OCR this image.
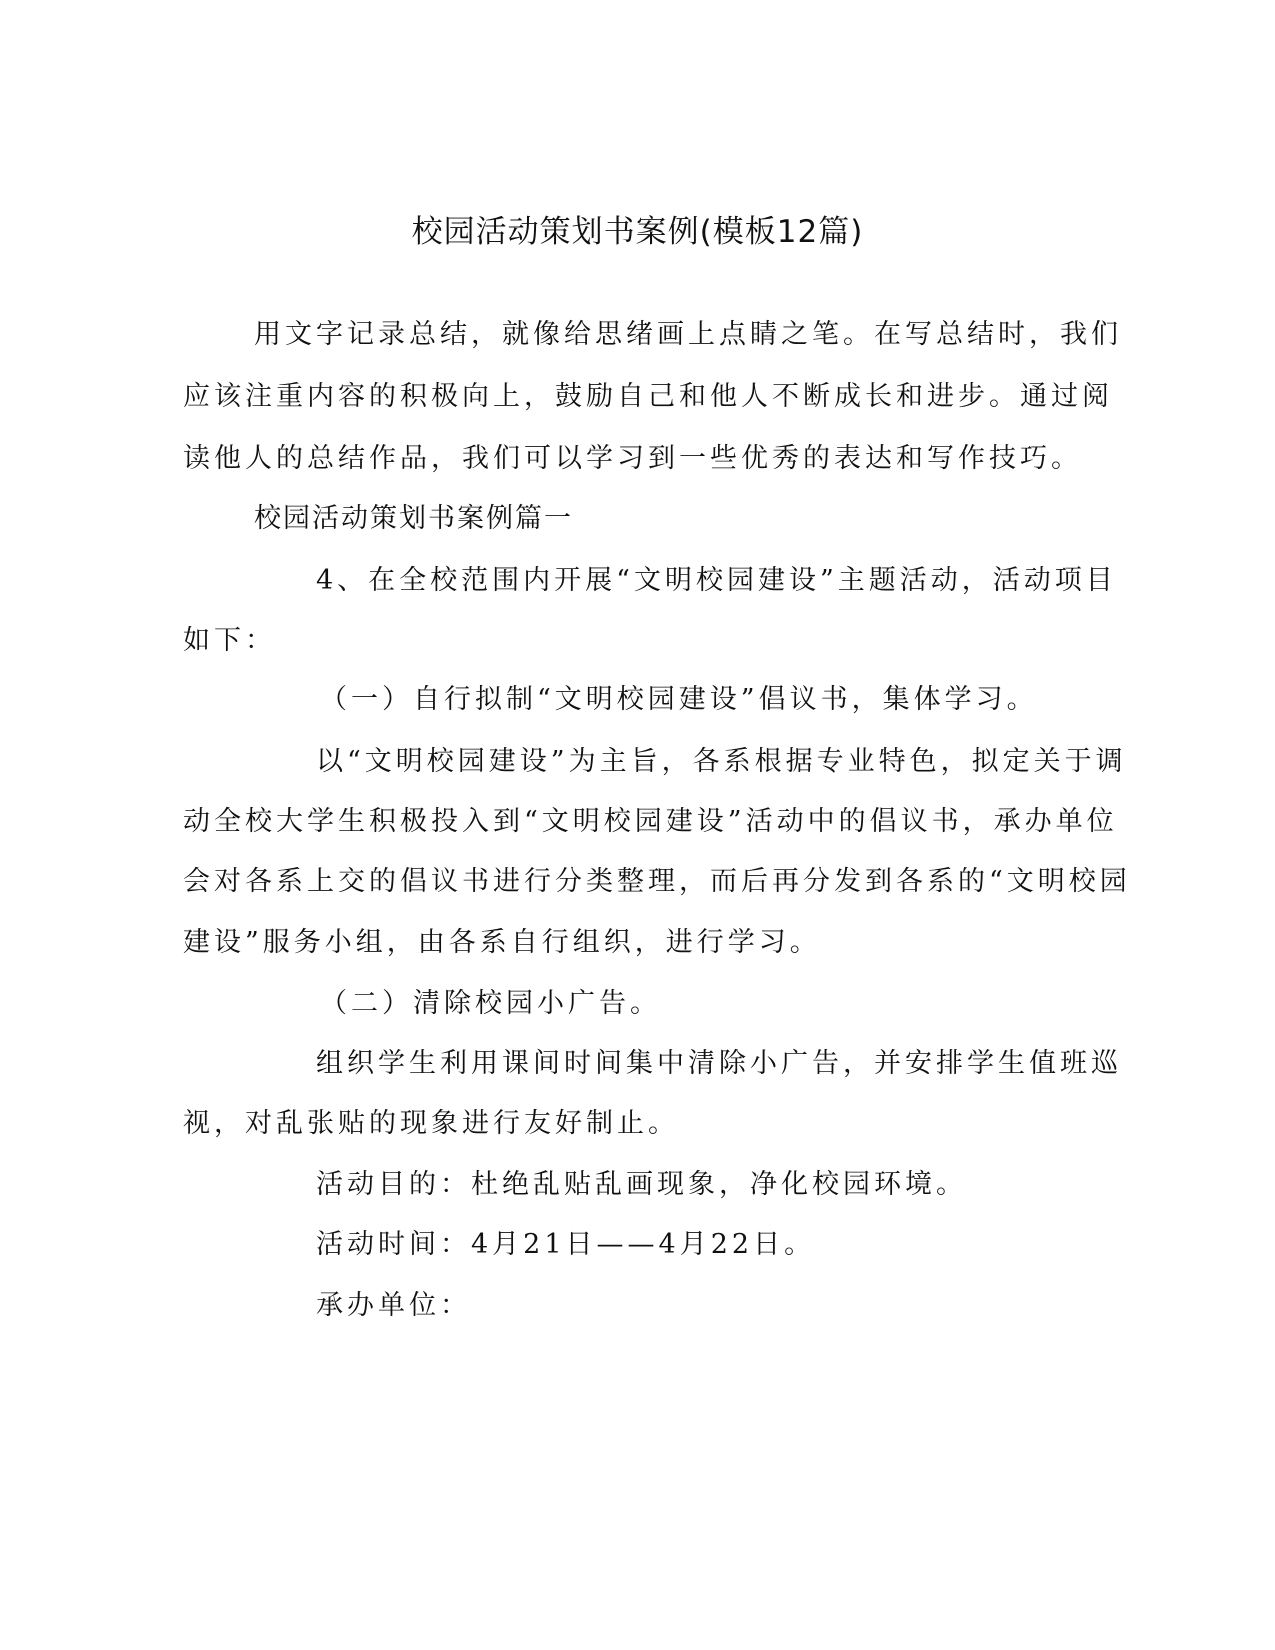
校园活动策划书案例(模板12篇)
用文字记录总结，就像给思绪画上点睛之笔。在写总结时，我们
应该注重内容的积极向上，鼓励自己和他人不断成长和进步。通过阅
读他人的总结作品，我们可以学习到一些优秀的表达和写作技巧。
校园活动策划书案例篇一
4、在全校范围内开展“文明校园建设”主题活动，活动项目
如下：
（一）自行拟制“文明校园建设”倡议书，集体学习。
以“文明校园建设”为主旨，各系根据专业特色，拟定关于调
动全校大学生积极投入到“文明校园建设”活动中的倡议书，承办单位
会对各系上交的倡议书进行分类整理，而后再分发到各系的“文明校园
建设”服务小组，由各系自行组织，进行学习。
（二）清除校园小广告。
组织学生利用课间时间集中清除小广告，并安排学生值班巡
视，对乱张贴的现象进行友好制止。
活动目的：杜绝乱贴乱画现象，净化校园环境。
活动时间：4月21日——4月22日。
承办单位：
